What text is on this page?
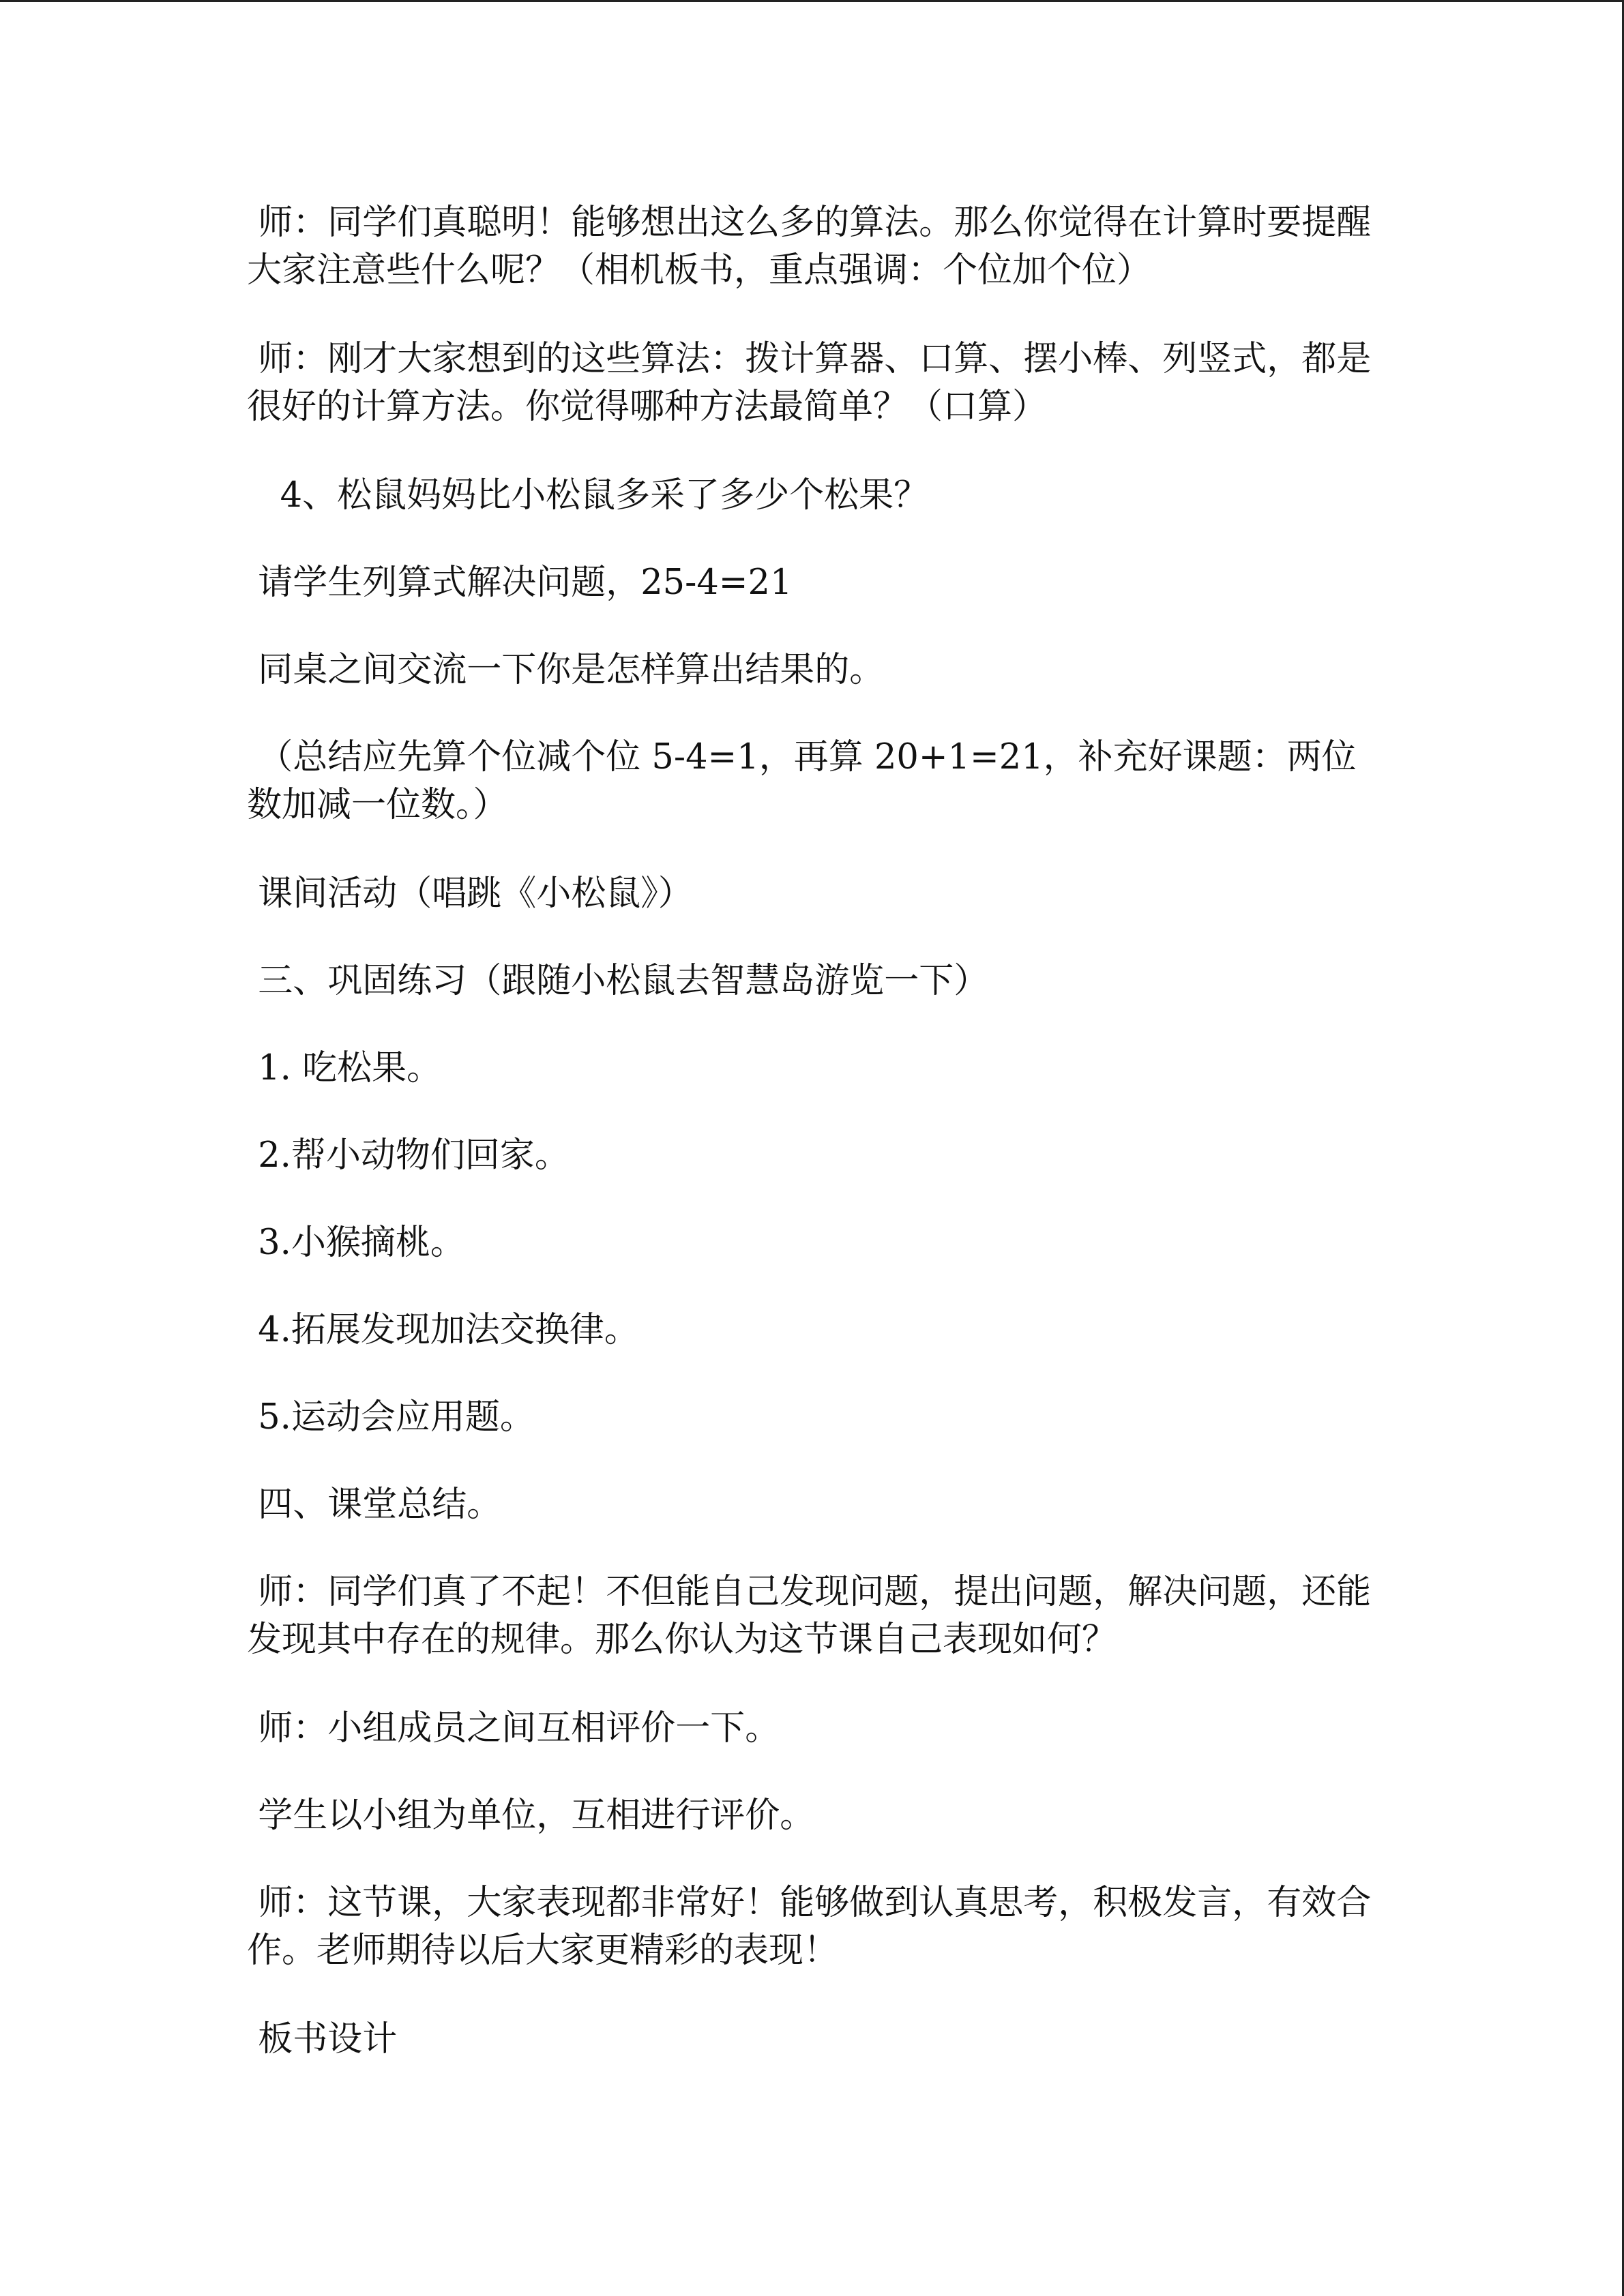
师：同学们真聪明！能够想出这么多的算法。那么你觉得在计算时要提醒大家注意些什么呢？（相机板书，重点强调：个位加个位）

师：刚才大家想到的这些算法：拨计算器、口算、摆小棒、列竖式，都是很好的计算方法。你觉得哪种方法最简单？（口算）

4、松鼠妈妈比小松鼠多采了多少个松果？

请学生列算式解决问题，25-4=21

同桌之间交流一下你是怎样算出结果的。

（总结应先算个位减个位 5-4=1，再算 20+1=21，补充好课题：两位数加减一位数。）

课间活动（唱跳《小松鼠》）

三、巩固练习（跟随小松鼠去智慧岛游览一下）

1. 吃松果。

2.帮小动物们回家。

3.小猴摘桃。

4.拓展发现加法交换律。

5.运动会应用题。

四、课堂总结。

师：同学们真了不起！不但能自己发现问题，提出问题，解决问题，还能发现其中存在的规律。那么你认为这节课自己表现如何？

师：小组成员之间互相评价一下。

学生以小组为单位，互相进行评价。

师：这节课，大家表现都非常好！能够做到认真思考，积极发言，有效合作。老师期待以后大家更精彩的表现！

板书设计
